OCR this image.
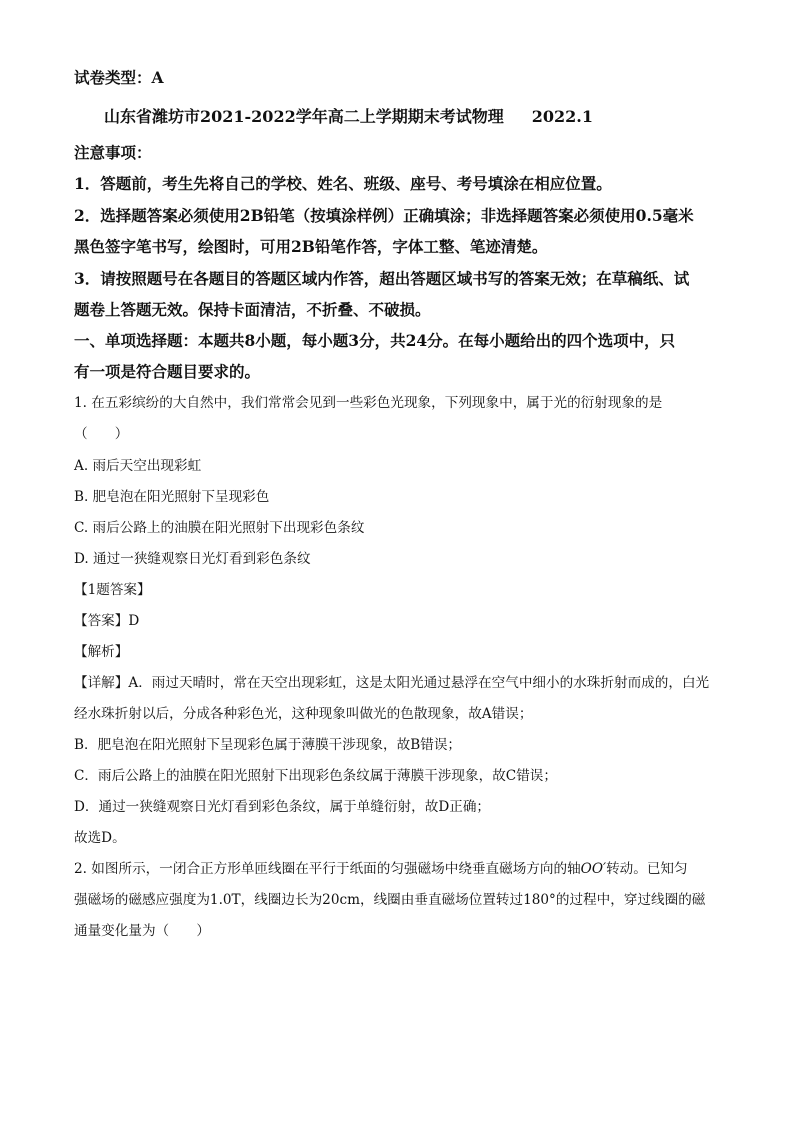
试卷类型：A
山东省潍坊市2021-2022学年高二上学期期末考试物理 2022.1
注意事项：
1．答题前，考生先将自己的学校、姓名、班级、座号、考号填涂在相应位置。
2．选择题答案必须使用2B铅笔（按填涂样例）正确填涂；非选择题答案必须使用0.5毫米
黑色签字笔书写，绘图时，可用2B铅笔作答，字体工整、笔迹清楚。
3．请按照题号在各题目的答题区域内作答，超出答题区域书写的答案无效；在草稿纸、试
题卷上答题无效。保持卡面清洁，不折叠、不破损。
一、单项选择题：本题共8小题，每小题3分，共24分。在每小题给出的四个选项中，只
有一项是符合题目要求的。
1. 在五彩缤纷的大自然中，我们常常会见到一些彩色光现象，下列现象中，属于光的衍射现象的是
（　　）
A. 雨后天空出现彩虹
B. 肥皂泡在阳光照射下呈现彩色
C. 雨后公路上的油膜在阳光照射下出现彩色条纹
D. 通过一狭缝观察日光灯看到彩色条纹
【1题答案】
【答案】D
【解析】
【详解】A．雨过天晴时，常在天空出现彩虹，这是太阳光通过悬浮在空气中细小的水珠折射而成的，白光
经水珠折射以后，分成各种彩色光，这种现象叫做光的色散现象，故A错误；
B．肥皂泡在阳光照射下呈现彩色属于薄膜干涉现象，故B错误；
C．雨后公路上的油膜在阳光照射下出现彩色条纹属于薄膜干涉现象，故C错误；
D．通过一狭缝观察日光灯看到彩色条纹，属于单缝衍射，故D正确；
故选D。
2. 如图所示，一闭合正方形单匝线圈在平行于纸面的匀强磁场中绕垂直磁场方向的轴OO′转动。已知匀
强磁场的磁感应强度为1.0T，线圈边长为20cm，线圈由垂直磁场位置转过180°的过程中，穿过线圈的磁
通量变化量为（　　）
